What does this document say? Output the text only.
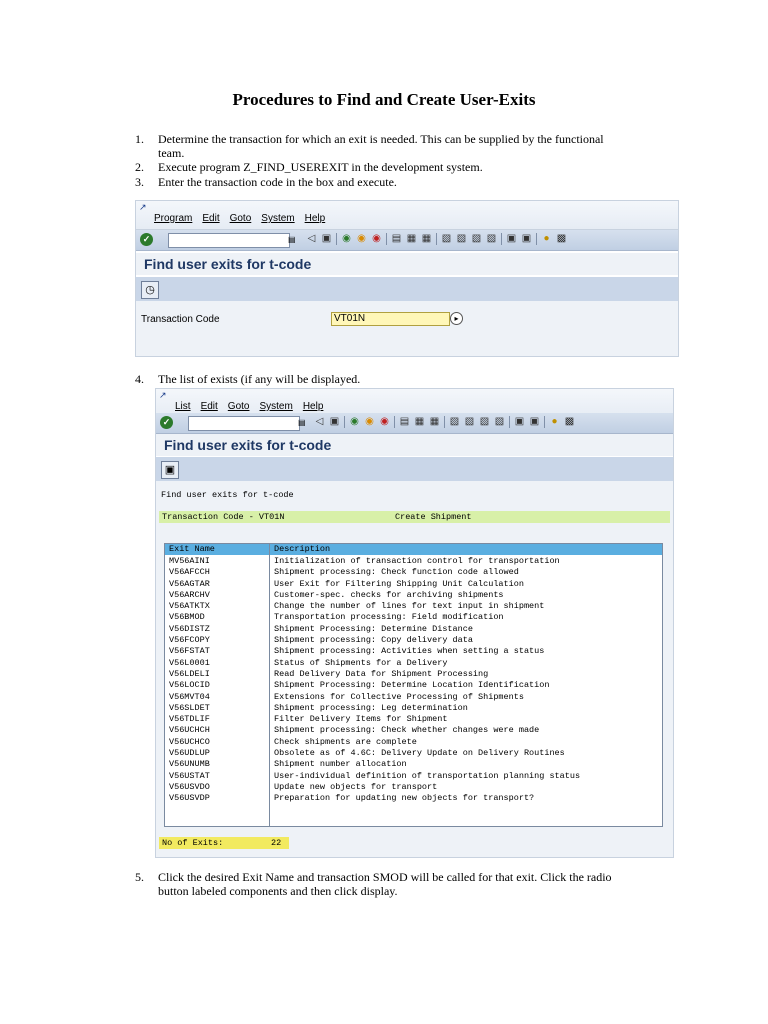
Procedures to Find and Create User-Exits
1. Determine the transaction for which an exit is needed. This can be supplied by the functional team.
2. Execute program Z_FIND_USEREXIT in the development system.
3. Enter the transaction code in the box and execute.
↗
Program Edit Goto System Help
✓	▤ ◁ ▣ ◉ ◉ ◉ ▤ ▦ ▦ ▧ ▧ ▧ ▧ ▣ ▣ ● ▩
Find user exits for t-code
◷
Transaction Code	VT01N	▸
4. The list of exists (if any will be displayed.
↗
List Edit Goto System Help
✓	▤ ◁ ▣ ◉ ◉ ◉ ▤ ▦ ▦ ▧ ▧ ▧ ▧ ▣ ▣ ● ▩
Find user exits for t-code
▣
Find user exits for t-code
Transaction Code - VT01N	Create Shipment
Exit Name	Description
MV56AINI	Initialization of transaction control for transportation
V56AFCCH	Shipment processing: Check function code allowed
V56AGTAR	User Exit for Filtering Shipping Unit Calculation
V56ARCHV	Customer-spec. checks for archiving shipments
V56ATKTX	Change the number of lines for text input in shipment
V56BMOD	Transportation processing: Field modification
V56DISTZ	Shipment Processing: Determine Distance
V56FCOPY	Shipment processing: Copy delivery data
V56FSTAT	Shipment processing: Activities when setting a status
V56L0001	Status of Shipments for a Delivery
V56LDELI	Read Delivery Data for Shipment Processing
V56LOCID	Shipment Processing: Determine Location Identification
V56MVT04	Extensions for Collective Processing of Shipments
V56SLDET	Shipment processing: Leg determination
V56TDLIF	Filter Delivery Items for Shipment
V56UCHCH	Shipment processing: Check whether changes were made
V56UCHCO	Check shipments are complete
V56UDLUP	Obsolete as of 4.6C: Delivery Update on Delivery Routines
V56UNUMB	Shipment number allocation
V56USTAT	User-individual definition of transportation planning status
V56USVDO	Update new objects for transport
V56USVDP	Preparation for updating new objects for transport?
No of Exits:	22
5. Click the desired Exit Name and transaction SMOD will be called for that exit. Click the radio button labeled components and then click display.
